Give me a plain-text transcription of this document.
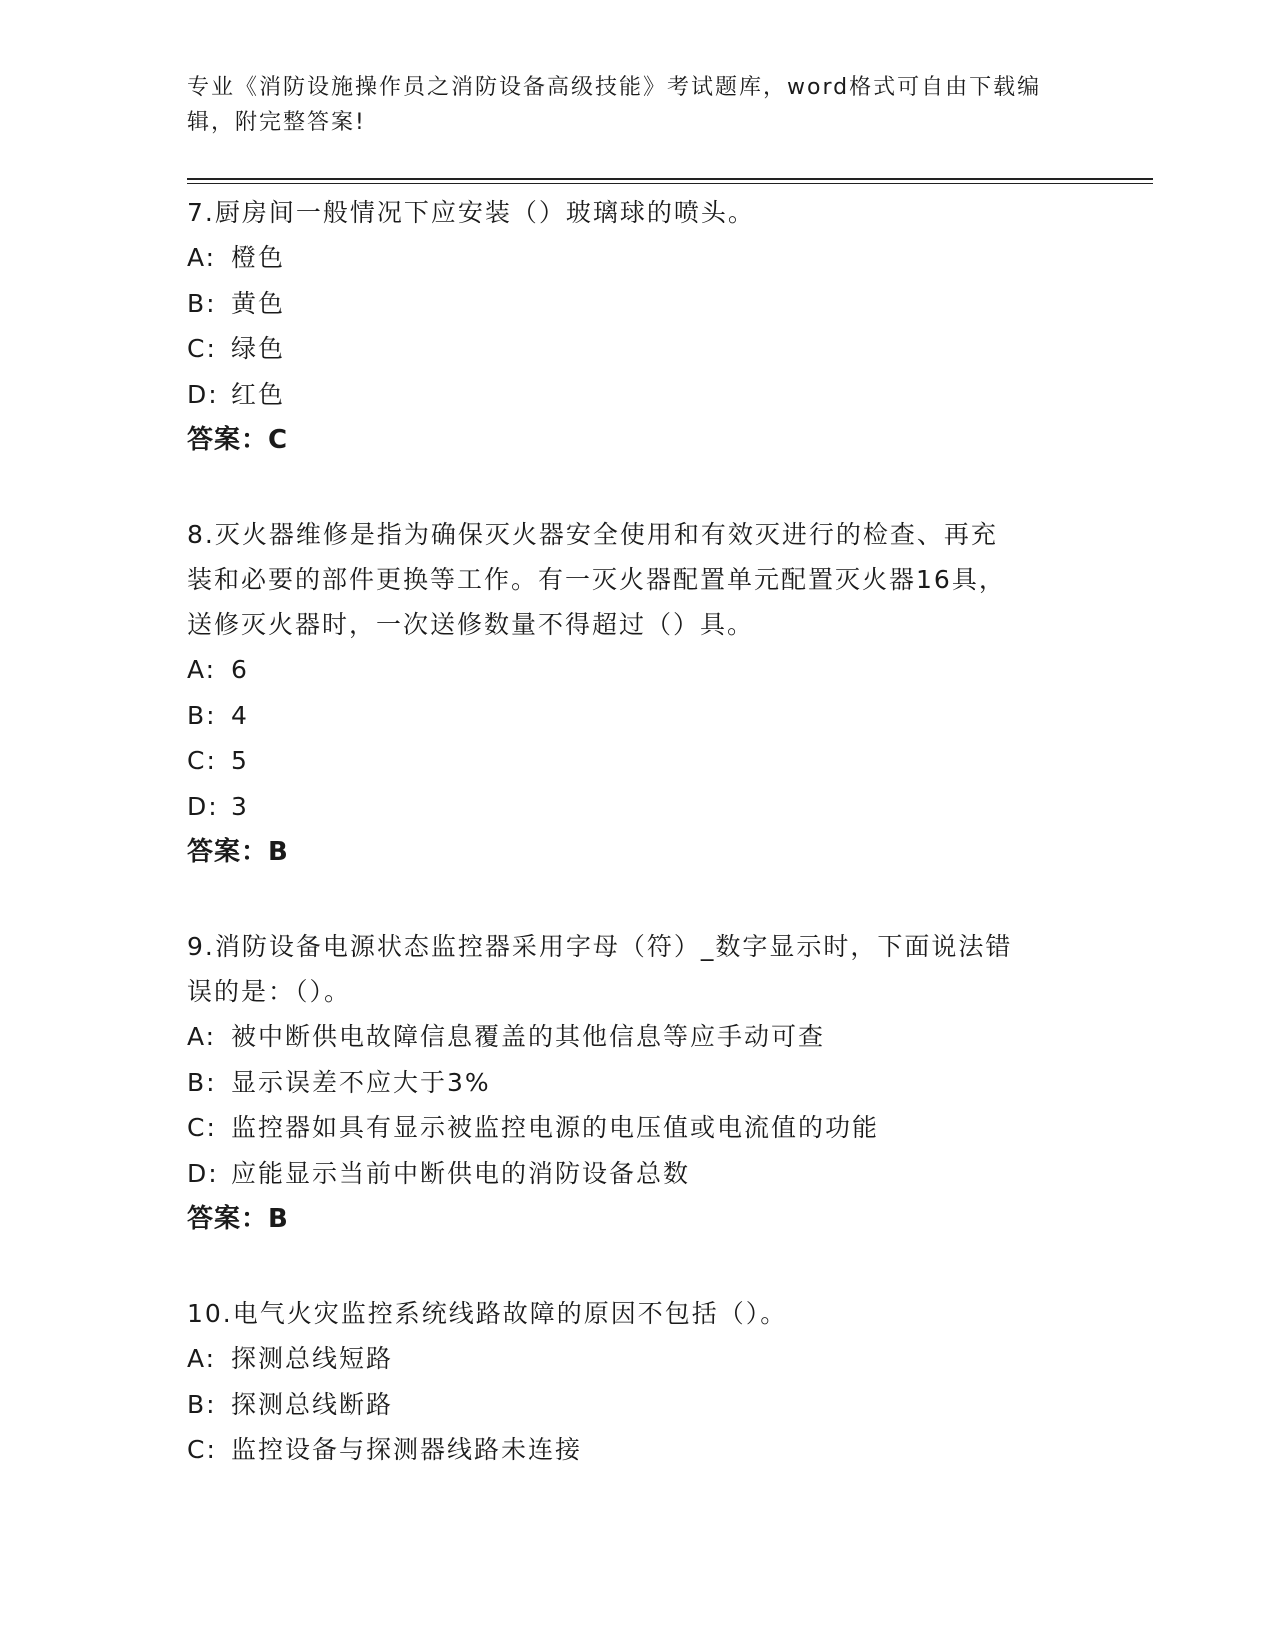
专业《消防设施操作员之消防设备高级技能》考试题库，word格式可自由下载编
辑，附完整答案!

7.厨房间一般情况下应安装（）玻璃球的喷头。

A: 橙色

B: 黄色

C: 绿色

D: 红色

答案：C

8.灭火器维修是指为确保灭火器安全使用和有效灭进行的检查、再充

装和必要的部件更换等工作。有一灭火器配置单元配置灭火器16具，

送修灭火器时，一次送修数量不得超过（）具。

A: 6

B: 4

C: 5

D: 3

答案：B

9.消防设备电源状态监控器采用字母（符）_数字显示时，下面说法错

误的是：（）。

A: 被中断供电故障信息覆盖的其他信息等应手动可查

B: 显示误差不应大于3%

C: 监控器如具有显示被监控电源的电压值或电流值的功能

D: 应能显示当前中断供电的消防设备总数

答案：B

10.电气火灾监控系统线路故障的原因不包括（）。

A: 探测总线短路

B: 探测总线断路

C: 监控设备与探测器线路未连接
